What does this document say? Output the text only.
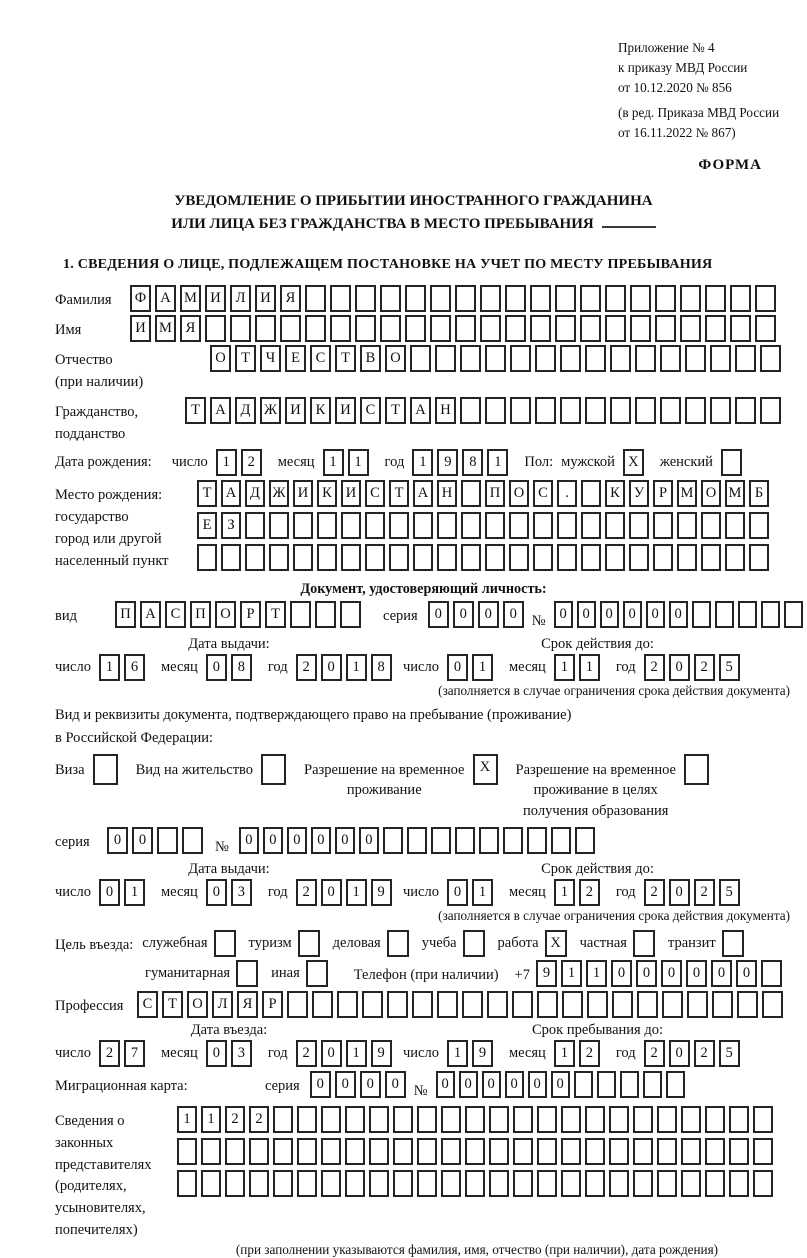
Приложение № 4
к приказу МВД России
от 10.12.2020 № 856
(в ред. Приказа МВД России
от 16.11.2022 № 867)
ФОРМА
УВЕДОМЛЕНИЕ О ПРИБЫТИИ ИНОСТРАННОГО ГРАЖДАНИНА
ИЛИ ЛИЦА БЕЗ ГРАЖДАНСТВА В МЕСТО ПРЕБЫВАНИЯ
1. СВЕДЕНИЯ О ЛИЦЕ, ПОДЛЕЖАЩЕМ ПОСТАНОВКЕ НА УЧЕТ ПО МЕСТУ ПРЕБЫВАНИЯ
Фамилия	Ф А М И	Л	И	Я
Имя	И М Я
Отчество
(при наличии)
О	Т	Ч	Е	С	Т	В	О
Гражданство,
подданство
Т	А	Д Ж И	К	И	С	Т	А	Н
Дата рождения: число	1	2	месяц	1	1	год	1	9	8	1	Пол: мужской X	женский
Место рождения:
государство
город или другой
населенный пункт
Т А Д Ж И К И С	Т А Н	П О С	.	К У	Р М О М Б
Е	З
Документ, удостоверяющий личность:
вид	П	А	С	П	О	Р	Т	серия	0	0	0	0	№ 0	0	0	0	0	0
Дата выдачи:	Срок действия до:
число	1	6	месяц	0	8	год	2	0	1	8	число	0	1	месяц	1	1	год	2	0	2	5
(заполняется в случае ограничения срока действия документа)
Вид и реквизиты документа, подтверждающего право на пребывание (проживание)
в Российской Федерации:
Виза	Вид на жительство	Разрешение на временное
проживание
X	Разрешение на временное
проживание в целях
получения образования
серия	0	0	№	0	0	0	0	0	0
Дата выдачи:	Срок действия до:
число	0	1	месяц	0	3	год	2	0	1	9	число	0	1	месяц	1	2	год	2	0	2	5
(заполняется в случае ограничения срока действия документа)
Цель въезда: служебная	туризм	деловая	учеба	работа X	частная	транзит
гуманитарная	иная	Телефон (при наличии) +7 9	1	1	0	0	0	0	0	0
Профессия	С	Т	О	Л	Я	Р
Дата въезда:	Срок пребывания до:
число	2	7	месяц	0	3	год	2	0	1	9	число	1	9	месяц	1	2	год	2	0	2	5
Миграционная карта:	серия	0	0	0	0	№ 0	0	0	0	0	0
Сведения о
законных
представителях
(родителях,
усыновителях,
попечителях)
1	1	2	2
(при заполнении указываются фамилия, имя, отчество (при наличии), дата рождения)
